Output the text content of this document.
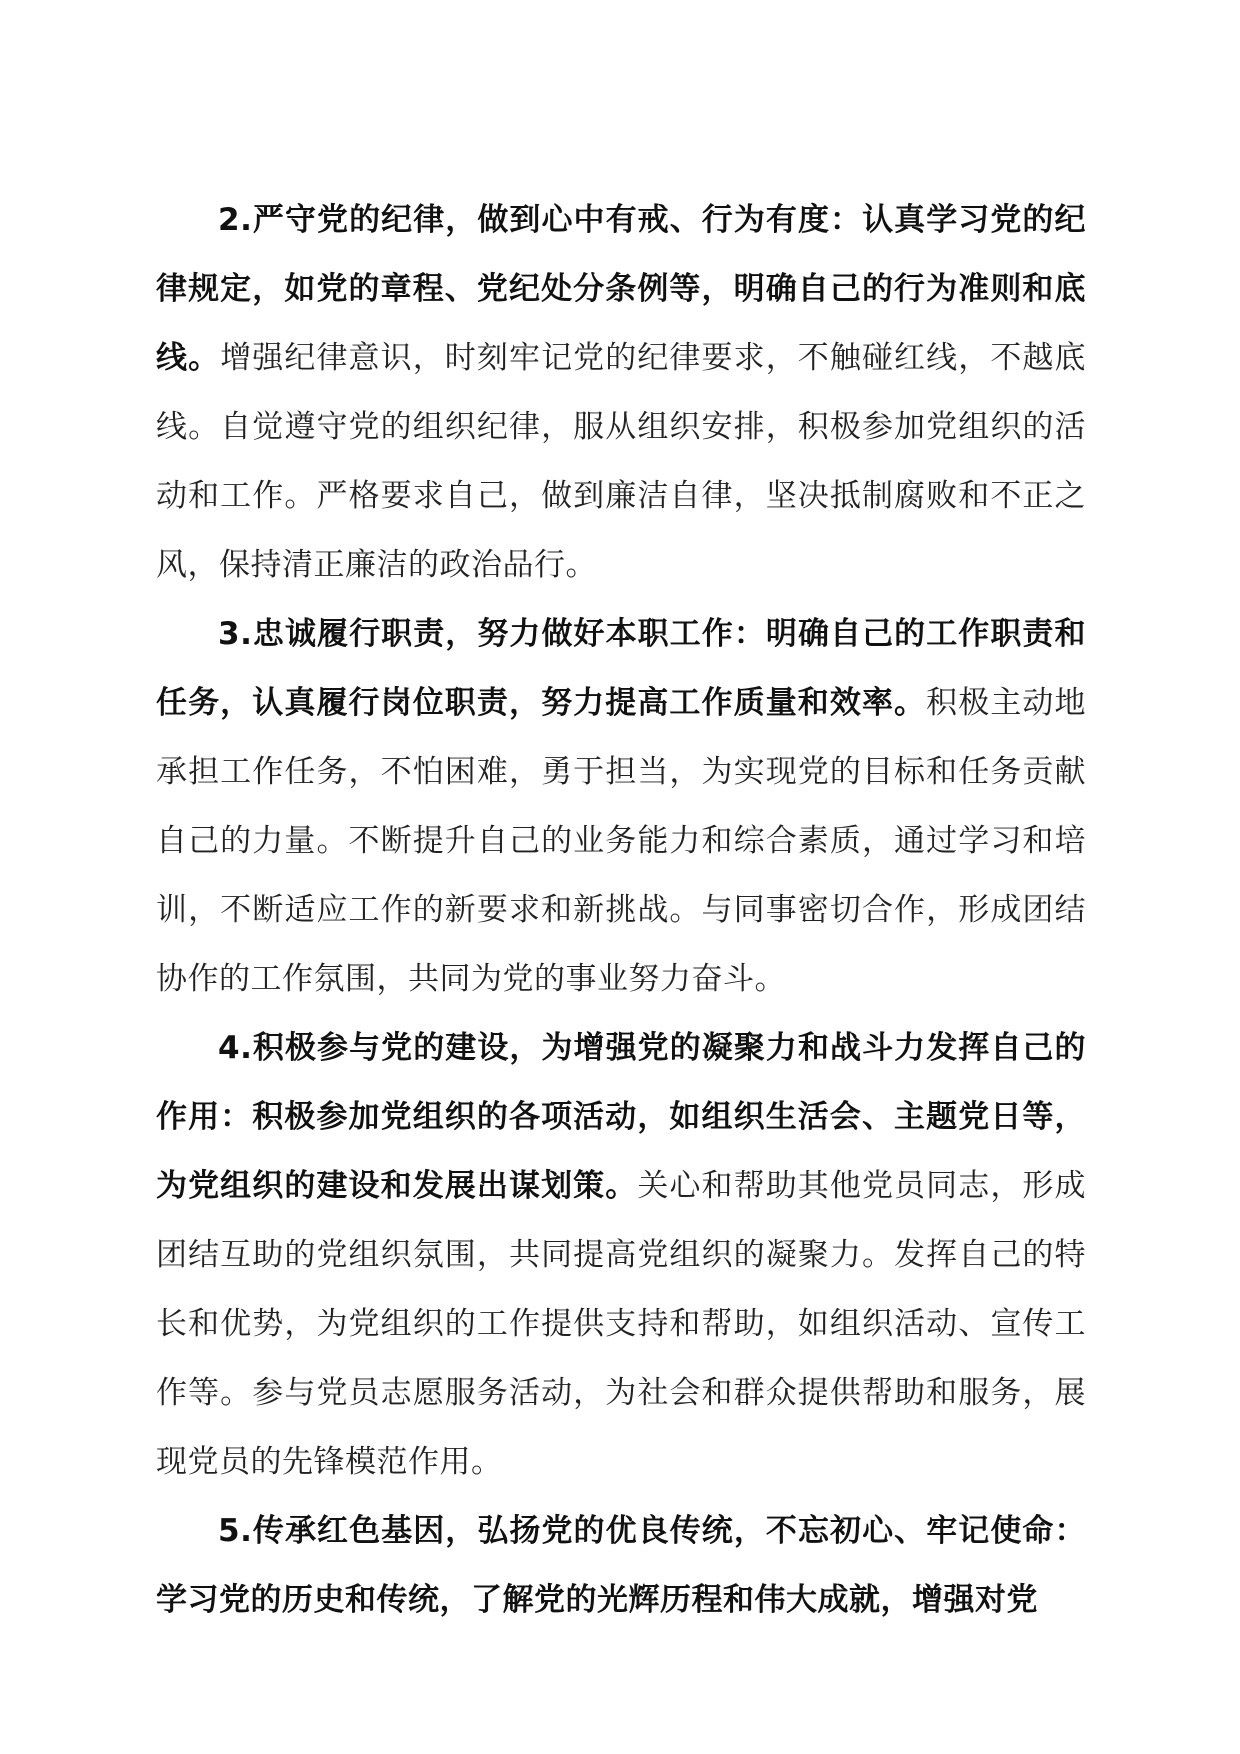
2.严守党的纪律，做到心中有戒、行为有度：认真学习党的纪律规定，如党的章程、党纪处分条例等，明确自己的行为准则和底线。增强纪律意识，时刻牢记党的纪律要求，不触碰红线，不越底线。自觉遵守党的组织纪律，服从组织安排，积极参加党组织的活动和工作。严格要求自己，做到廉洁自律，坚决抵制腐败和不正之风，保持清正廉洁的政治品行。

3.忠诚履行职责，努力做好本职工作：明确自己的工作职责和任务，认真履行岗位职责，努力提高工作质量和效率。积极主动地承担工作任务，不怕困难，勇于担当，为实现党的目标和任务贡献自己的力量。不断提升自己的业务能力和综合素质，通过学习和培训，不断适应工作的新要求和新挑战。与同事密切合作，形成团结协作的工作氛围，共同为党的事业努力奋斗。

4.积极参与党的建设，为增强党的凝聚力和战斗力发挥自己的作用：积极参加党组织的各项活动，如组织生活会、主题党日等，为党组织的建设和发展出谋划策。关心和帮助其他党员同志，形成团结互助的党组织氛围，共同提高党组织的凝聚力。发挥自己的特长和优势，为党组织的工作提供支持和帮助，如组织活动、宣传工作等。参与党员志愿服务活动，为社会和群众提供帮助和服务，展现党员的先锋模范作用。

5.传承红色基因，弘扬党的优良传统，不忘初心、牢记使命：学习党的历史和传统，了解党的光辉历程和伟大成就，增强对党
